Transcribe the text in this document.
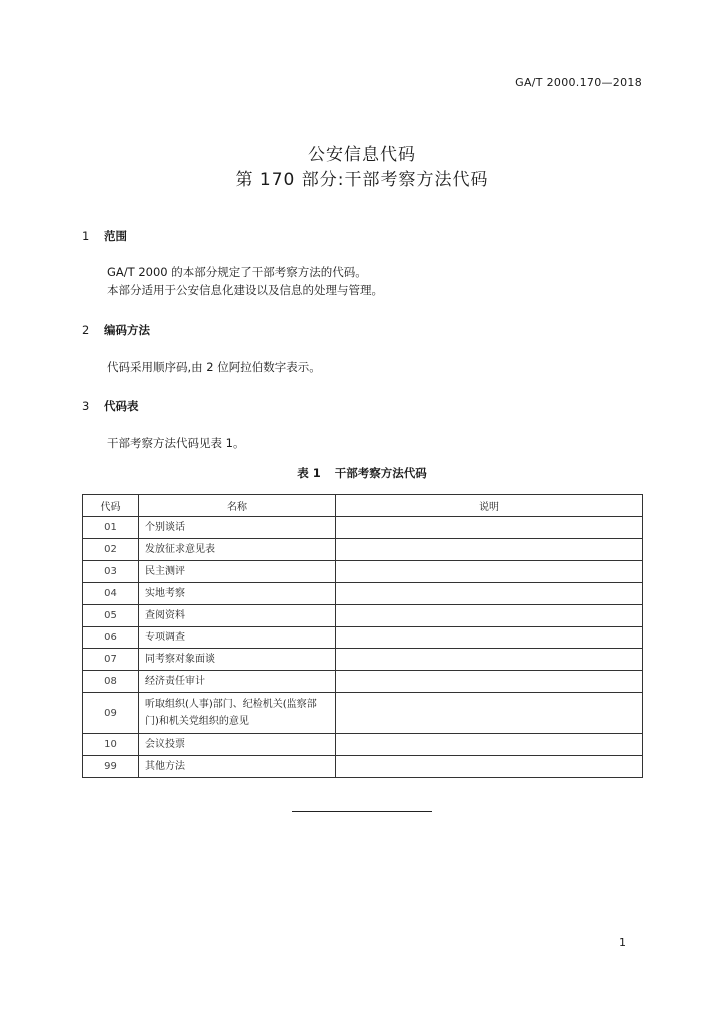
GA/T 2000.170—2018
公安信息代码
第 170 部分:干部考察方法代码
1 范围
GA/T 2000 的本部分规定了干部考察方法的代码。
本部分适用于公安信息化建设以及信息的处理与管理。
2 编码方法
代码采用顺序码,由 2 位阿拉伯数字表示。
3 代码表
干部考察方法代码见表 1。
表 1 干部考察方法代码
代码	名称	说明
01	个别谈话	
02	发放征求意见表	
03	民主测评	
04	实地考察	
05	查阅资料	
06	专项调查	
07	同考察对象面谈	
08	经济责任审计	
09	听取组织(人事)部门、纪检机关(监察部门)和机关党组织的意见	
10	会议投票	
99	其他方法	
1
